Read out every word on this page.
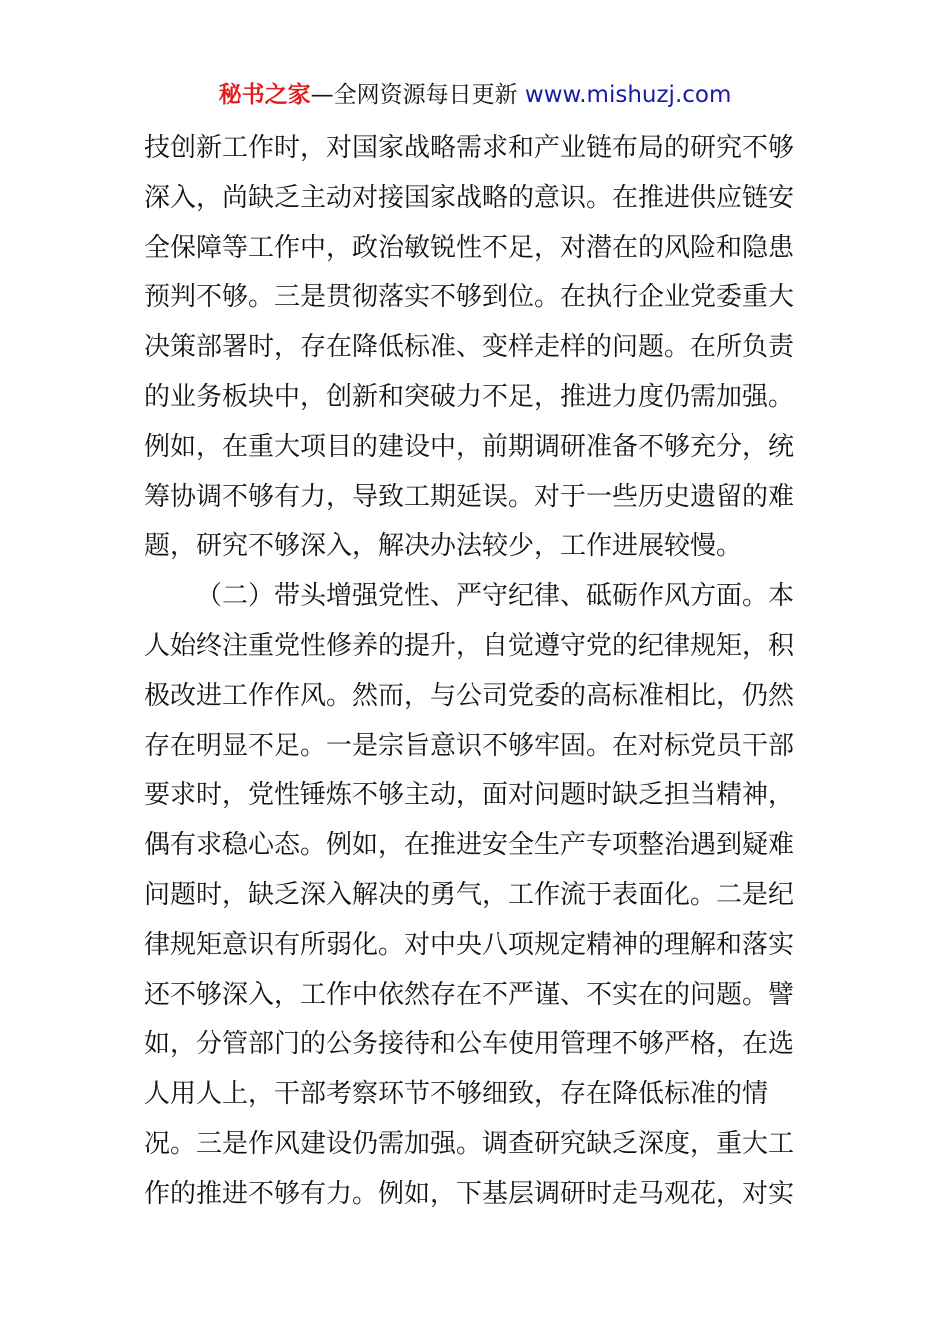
秘书之家—全网资源每日更新 www.mishuzj.com
技创新工作时，对国家战略需求和产业链布局的研究不够
深入，尚缺乏主动对接国家战略的意识。在推进供应链安
全保障等工作中，政治敏锐性不足，对潜在的风险和隐患
预判不够。三是贯彻落实不够到位。在执行企业党委重大
决策部署时，存在降低标准、变样走样的问题。在所负责
的业务板块中，创新和突破力不足，推进力度仍需加强。
例如，在重大项目的建设中，前期调研准备不够充分，统
筹协调不够有力，导致工期延误。对于一些历史遗留的难
题，研究不够深入，解决办法较少，工作进展较慢。
（二）带头增强党性、严守纪律、砥砺作风方面。本
人始终注重党性修养的提升，自觉遵守党的纪律规矩，积
极改进工作作风。然而，与公司党委的高标准相比，仍然
存在明显不足。一是宗旨意识不够牢固。在对标党员干部
要求时，党性锤炼不够主动，面对问题时缺乏担当精神，
偶有求稳心态。例如，在推进安全生产专项整治遇到疑难
问题时，缺乏深入解决的勇气，工作流于表面化。二是纪
律规矩意识有所弱化。对中央八项规定精神的理解和落实
还不够深入，工作中依然存在不严谨、不实在的问题。譬
如，分管部门的公务接待和公车使用管理不够严格，在选
人用人上，干部考察环节不够细致，存在降低标准的情
况。三是作风建设仍需加强。调查研究缺乏深度，重大工
作的推进不够有力。例如，下基层调研时走马观花，对实
